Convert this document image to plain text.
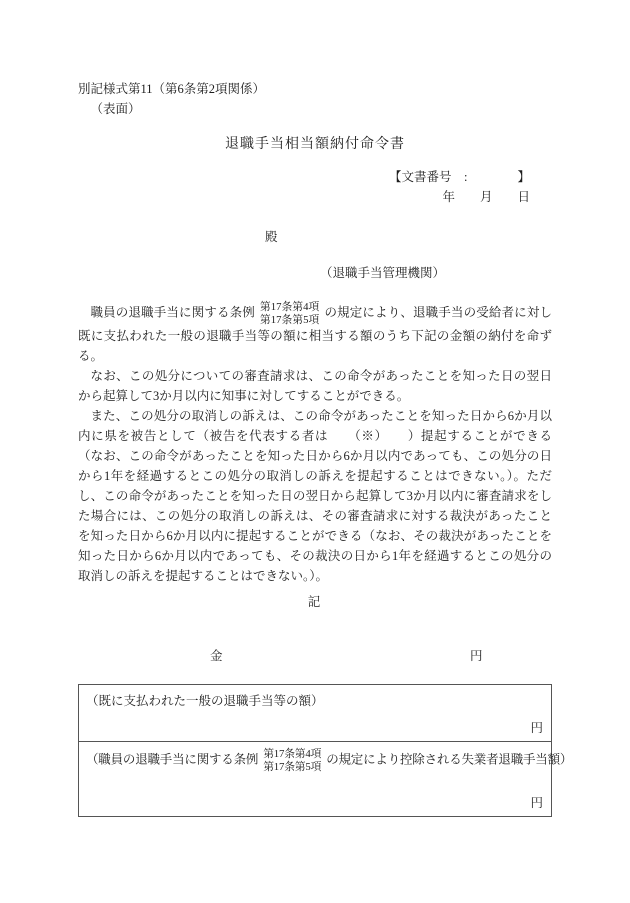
別記様式第11（第6条第2項関係）
（表面）
退職手当相当額納付命令書
【文書番号　:　　　　】
年　　月　　日
殿
（退職手当管理機関）

職員の退職手当に関する条例 第17条第4項
第17条第5項
の規定により、退職手当の受給者に対し既に支払われた一般の退職手当等の額に相当する額のうち下記の金額の納付を命ずる。

なお、この処分についての審査請求は、この命令があったことを知った日の翌日から起算して3か月以内に知事に対してすることができる。

また、この処分の取消しの訴えは、この命令があったことを知った日から6か月以内に県を被告として（被告を代表する者は　　（※）　　）提起することができる（なお、この命令があったことを知った日から6か月以内であっても、この処分の日から1年を経過するとこの処分の取消しの訴えを提起することはできない。）。ただし、この命令があったことを知った日の翌日から起算して3か月以内に審査請求をした場合には、この処分の取消しの訴えは、その審査請求に対する裁決があったことを知った日から6か月以内に提起することができる（なお、その裁決があったことを知った日から6か月以内であっても、その裁決の日から1年を経過するとこの処分の取消しの訴えを提起することはできない。）。

記
金	円
（既に支払われた一般の退職手当等の額）
円
（職員の退職手当に関する条例 第17条第4項
第17条第5項
の規定により控除される失業者退職手当額）
円
